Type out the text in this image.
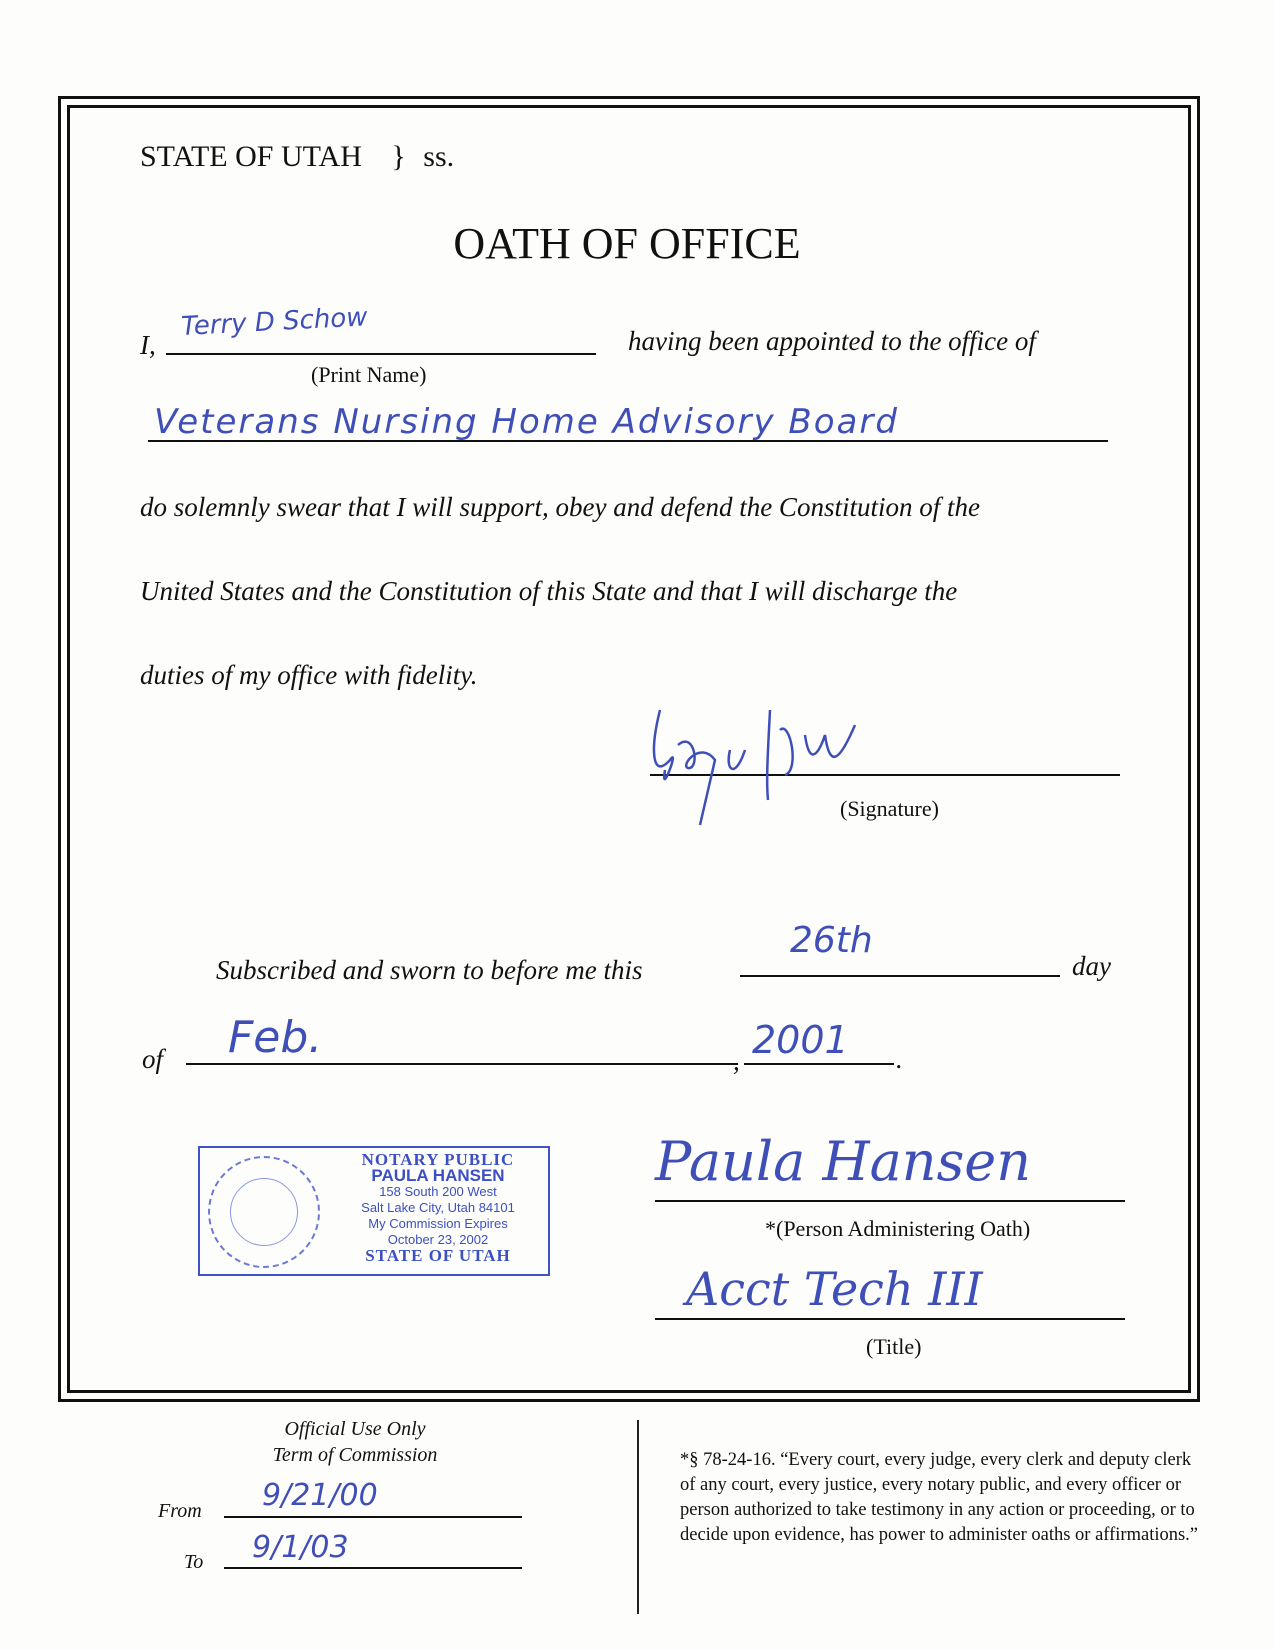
STATE OF UTAH } ss.
OATH OF OFFICE
I,
Terry D Schow	having been appointed to the office of
(Print Name)
Veterans Nursing Home Advisory Board
do solemnly swear that I will support, obey and defend the Constitution of the
United States and the Constitution of this State and that I will discharge the
duties of my office with fidelity.
(Signature)
Subscribed and sworn to before me this
26th
day
of Feb.	, 2001 .
NOTARY PUBLIC
PAULA HANSEN
158 South 200 West
Salt Lake City, Utah 84101
My Commission Expires
October 23, 2002
STATE OF UTAH
Paula Hansen
*(Person Administering Oath)
Acct Tech III
(Title)
Official Use Only
Term of Commission
From 9/21/00
To 9/1/03
*§ 78-24-16. “Every court, every judge, every clerk and deputy clerk of any court, every justice, every notary public, and every officer or person authorized to take testimony in any action or proceeding, or to decide upon evidence, has power to administer oaths or affirmations.”
